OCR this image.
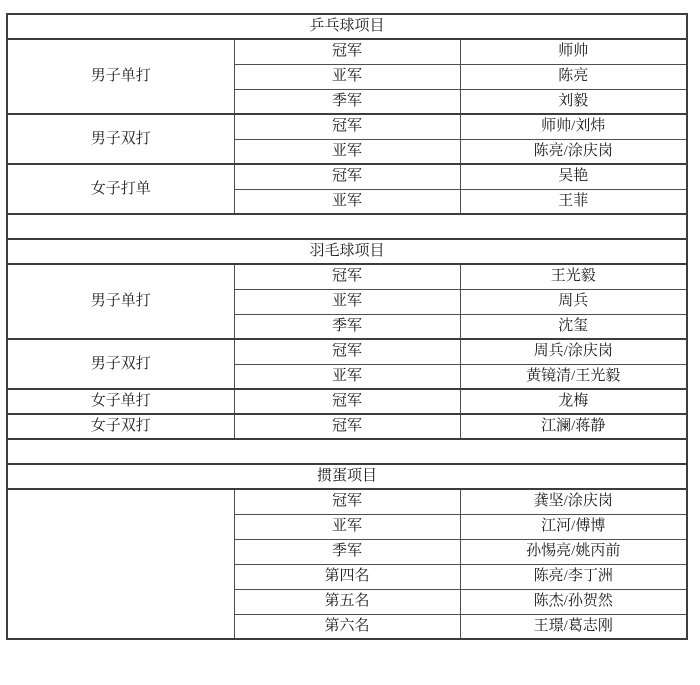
乒乓球项目		
男子单打	冠军	师帅
	亚军	陈亮
	季军	刘毅
男子双打	冠军	师帅/刘炜
	亚军	陈亮/涂庆岗
女子打单	冠军	吴艳
	亚军	王菲

羽毛球项目		
男子单打	冠军	王光毅
	亚军	周兵
	季军	沈玺
男子双打	冠军	周兵/涂庆岗
	亚军	黄镜清/王光毅
女子单打	冠军	龙梅
女子双打	冠军	江澜/蒋静

掼蛋项目		
	冠军	龚坚/涂庆岗
	亚军	江河/傅博
	季军	孙惕亮/姚丙前
	第四名	陈亮/李丁洲
	第五名	陈杰/孙贺然
	第六名	王璟/葛志刚
